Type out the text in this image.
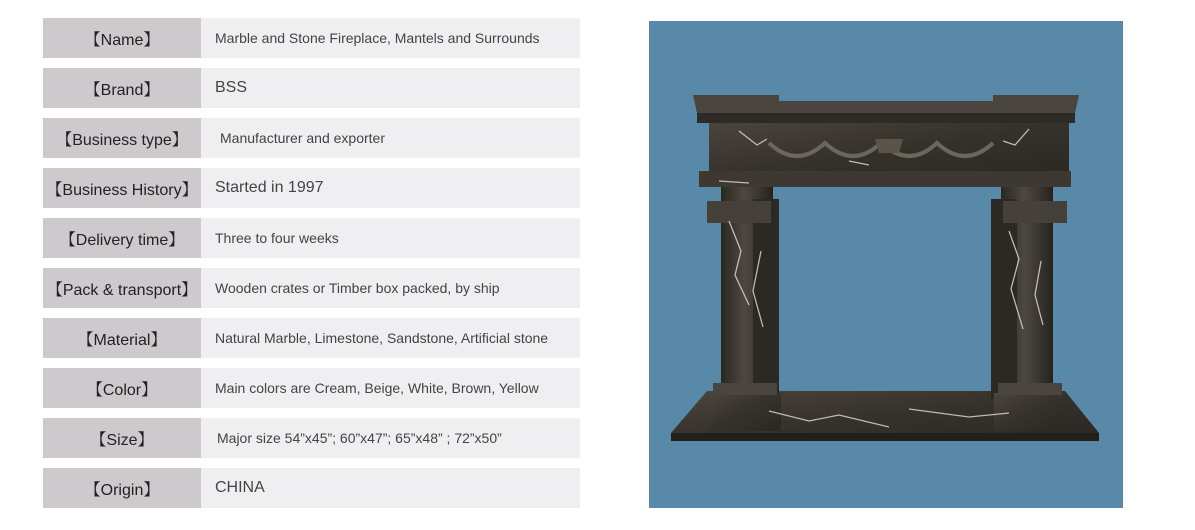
【Name】	Marble and Stone Fireplace, Mantels and Surrounds
【Brand】	BSS
【Business type】	Manufacturer and exporter
【Business History】	Started in 1997
【Delivery time】	Three to four weeks
【Pack & transport】	Wooden crates or Timber box packed, by ship
【Material】	Natural Marble, Limestone, Sandstone, Artificial stone
【Color】	Main colors are Cream, Beige, White, Brown, Yellow
【Size】	Major size 54”x45”; 60”x47”; 65”x48” ; 72”x50”
【Origin】	CHINA
